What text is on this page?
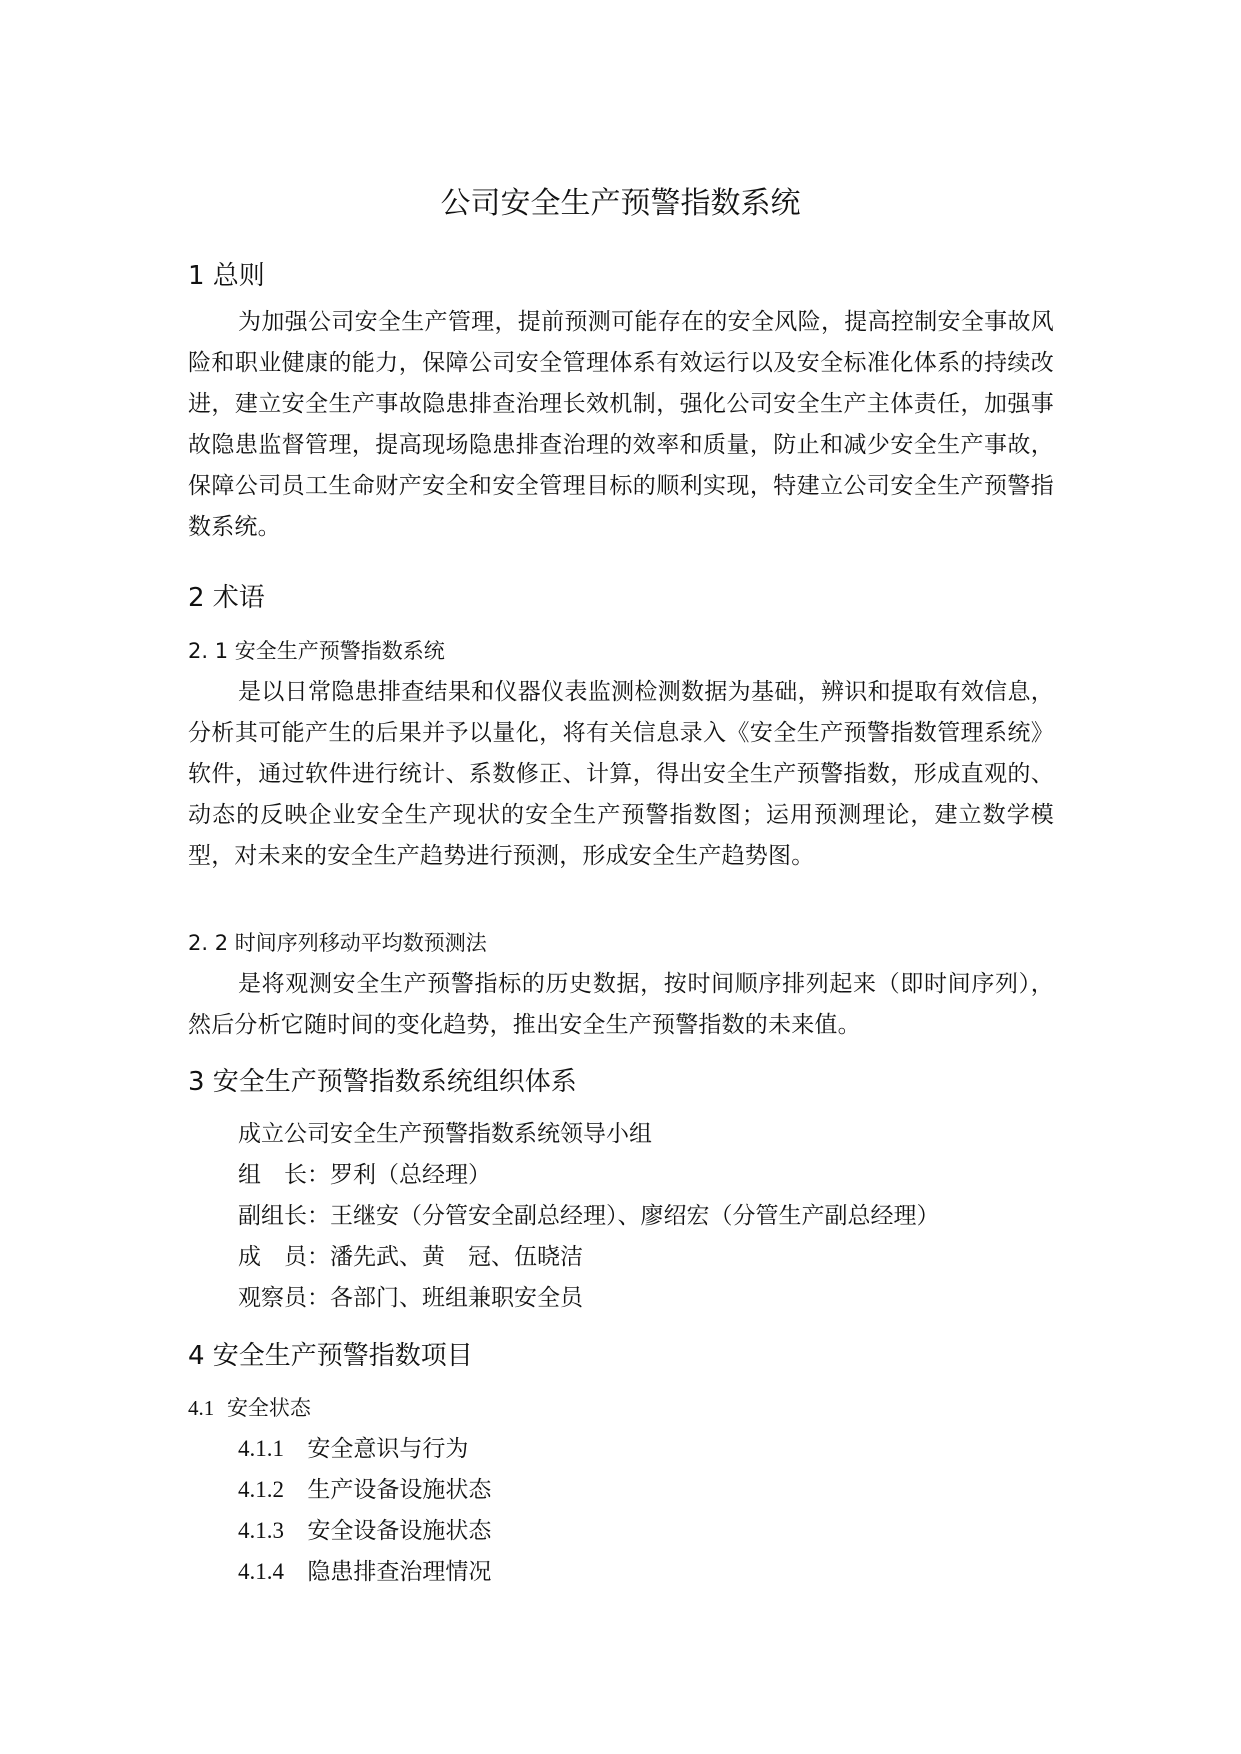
公司安全生产预警指数系统
1 总则
为加强公司安全生产管理，提前预测可能存在的安全风险，提高控制安全事故风险和职业健康的能力，保障公司安全管理体系有效运行以及安全标准化体系的持续改进，建立安全生产事故隐患排查治理长效机制，强化公司安全生产主体责任，加强事故隐患监督管理，提高现场隐患排查治理的效率和质量，防止和减少安全生产事故，保障公司员工生命财产安全和安全管理目标的顺利实现，特建立公司安全生产预警指数系统。
2 术语
2. 1 安全生产预警指数系统
是以日常隐患排查结果和仪器仪表监测检测数据为基础，辨识和提取有效信息，分析其可能产生的后果并予以量化，将有关信息录入《安全生产预警指数管理系统》软件，通过软件进行统计、系数修正、计算，得出安全生产预警指数，形成直观的、动态的反映企业安全生产现状的安全生产预警指数图；运用预测理论，建立数学模型，对未来的安全生产趋势进行预测，形成安全生产趋势图。
2. 2 时间序列移动平均数预测法
是将观测安全生产预警指标的历史数据，按时间顺序排列起来（即时间序列），然后分析它随时间的变化趋势，推出安全生产预警指数的未来值。
3 安全生产预警指数系统组织体系
成立公司安全生产预警指数系统领导小组
组　长：罗利（总经理）
副组长：王继安（分管安全副总经理）、廖绍宏（分管生产副总经理）
成　员：潘先武、黄　冠、伍晓洁
观察员：各部门、班组兼职安全员
4 安全生产预警指数项目
4.1 安全状态
4.1.1 安全意识与行为
4.1.2 生产设备设施状态
4.1.3 安全设备设施状态
4.1.4 隐患排查治理情况
